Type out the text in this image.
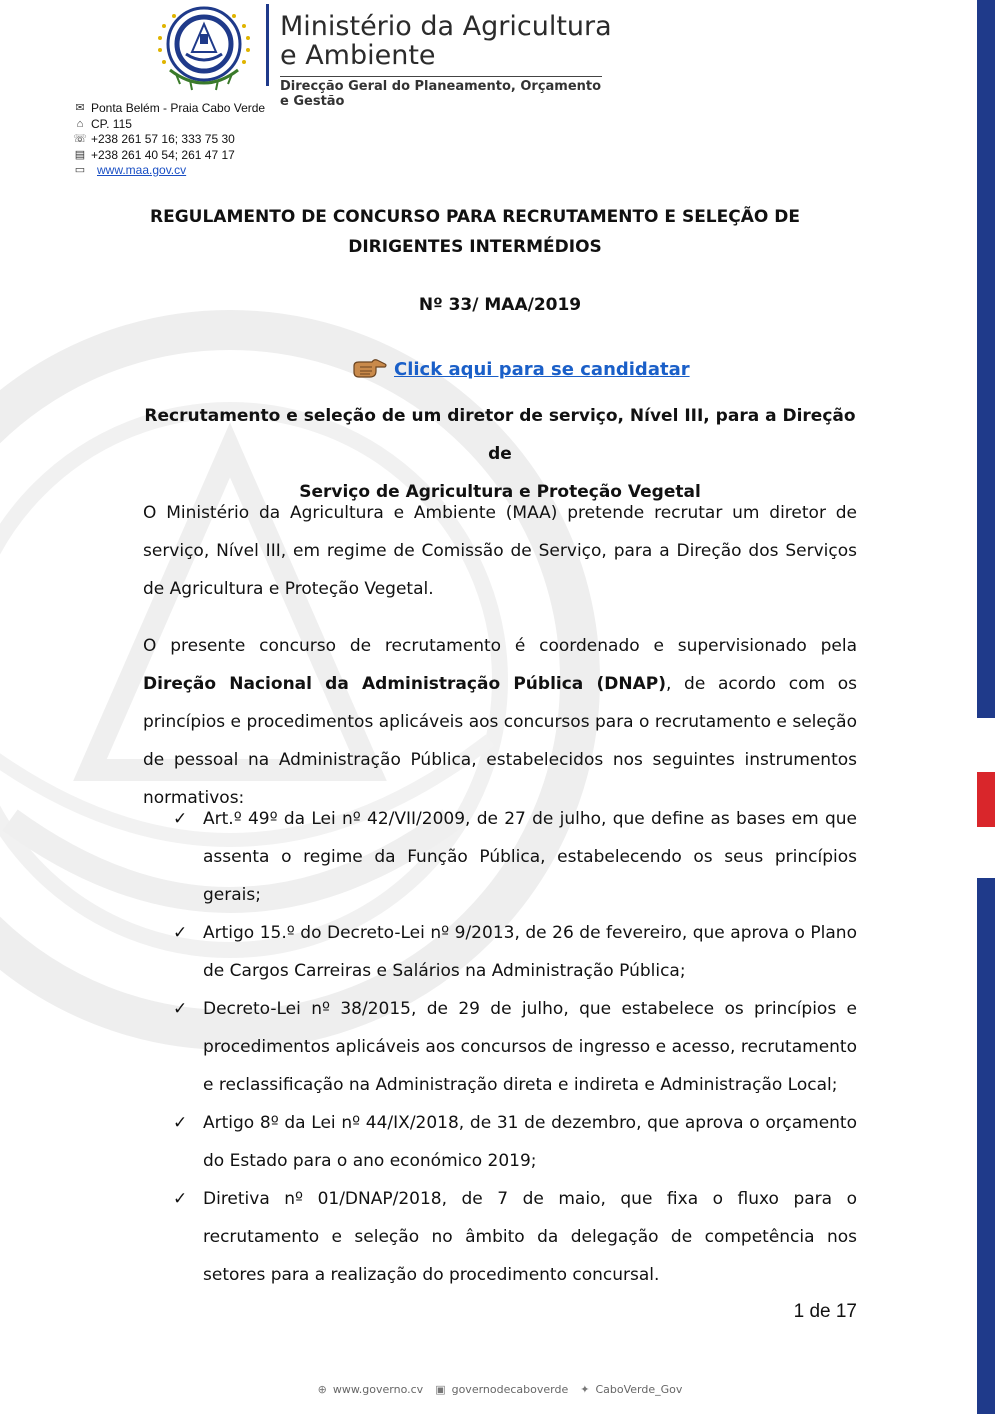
Ministério da Agricultura
e Ambiente
Direcção Geral do Planeamento, Orçamento e Gestão
✉ Ponta Belém - Praia Cabo Verde
⌂ CP. 115
☏ +238 261 57 16; 333 75 30
▤ +238 261 40 54; 261 47 17
▭ www.maa.gov.cv
REGULAMENTO DE CONCURSO PARA RECRUTAMENTO E SELEÇÃO DE
DIRIGENTES INTERMÉDIOS
Nº 33/ MAA/2019
Click aqui para se candidatar
Recrutamento e seleção de um diretor de serviço, Nível III, para a Direção de
Serviço de Agricultura e Proteção Vegetal
O Ministério da Agricultura e Ambiente (MAA) pretende recrutar um diretor de serviço, Nível III, em regime de Comissão de Serviço, para a Direção dos Serviços de Agricultura e Proteção Vegetal.
O presente concurso de recrutamento é coordenado e supervisionado pela Direção Nacional da Administração Pública (DNAP), de acordo com os princípios e procedimentos aplicáveis aos concursos para o recrutamento e seleção de pessoal na Administração Pública, estabelecidos nos seguintes instrumentos normativos:
✓ Art.º 49º da Lei nº 42/VII/2009, de 27 de julho, que define as bases em que assenta o regime da Função Pública, estabelecendo os seus princípios gerais;
✓ Artigo 15.º do Decreto-Lei nº 9/2013, de 26 de fevereiro, que aprova o Plano de Cargos Carreiras e Salários na Administração Pública;
✓ Decreto-Lei nº 38/2015, de 29 de julho, que estabelece os princípios e procedimentos aplicáveis aos concursos de ingresso e acesso, recrutamento e reclassificação na Administração direta e indireta e Administração Local;
✓ Artigo 8º da Lei nº 44/IX/2018, de 31 de dezembro, que aprova o orçamento do Estado para o ano económico 2019;
✓ Diretiva nº 01/DNAP/2018, de 7 de maio, que fixa o fluxo para o recrutamento e seleção no âmbito da delegação de competência nos setores para a realização do procedimento concursal.
1 de 17
⊕ www.governo.cv ▣ governodecaboverde ✦ CaboVerde_Gov
